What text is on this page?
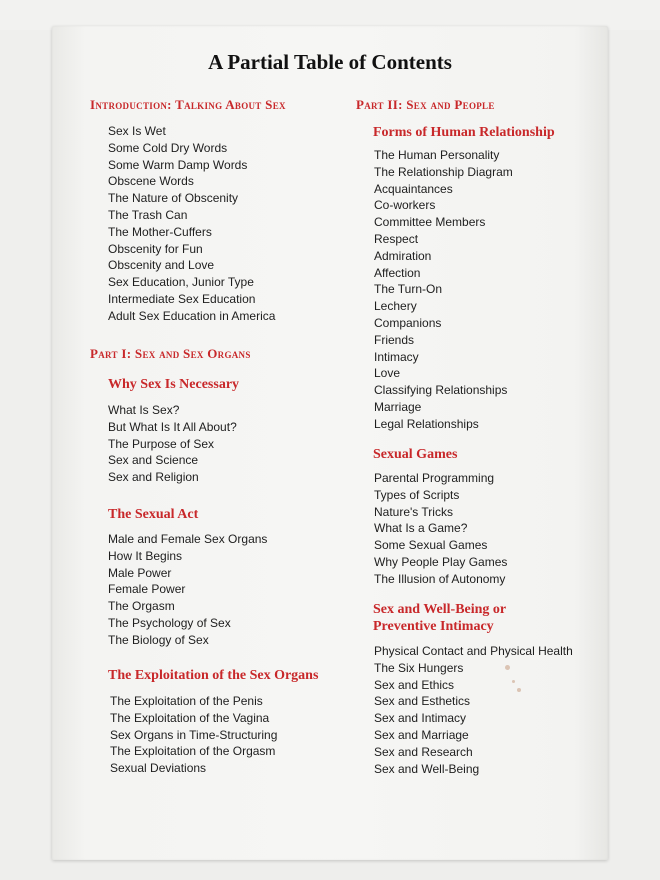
A Partial Table of Contents
Introduction: Talking About Sex
Sex Is Wet
Some Cold Dry Words
Some Warm Damp Words
Obscene Words
The Nature of Obscenity
The Trash Can
The Mother-Cuffers
Obscenity for Fun
Obscenity and Love
Sex Education, Junior Type
Intermediate Sex Education
Adult Sex Education in America
Part I: Sex and Sex Organs
Why Sex Is Necessary
What Is Sex?
But What Is It All About?
The Purpose of Sex
Sex and Science
Sex and Religion
The Sexual Act
Male and Female Sex Organs
How It Begins
Male Power
Female Power
The Orgasm
The Psychology of Sex
The Biology of Sex
The Exploitation of the Sex Organs
The Exploitation of the Penis
The Exploitation of the Vagina
Sex Organs in Time-Structuring
The Exploitation of the Orgasm
Sexual Deviations
Part II: Sex and People
Forms of Human Relationship
The Human Personality
The Relationship Diagram
Acquaintances
Co-workers
Committee Members
Respect
Admiration
Affection
The Turn-On
Lechery
Companions
Friends
Intimacy
Love
Classifying Relationships
Marriage
Legal Relationships
Sexual Games
Parental Programming
Types of Scripts
Nature's Tricks
What Is a Game?
Some Sexual Games
Why People Play Games
The Illusion of Autonomy
Sex and Well-Being or Preventive Intimacy
Physical Contact and Physical Health
The Six Hungers
Sex and Ethics
Sex and Esthetics
Sex and Intimacy
Sex and Marriage
Sex and Research
Sex and Well-Being
